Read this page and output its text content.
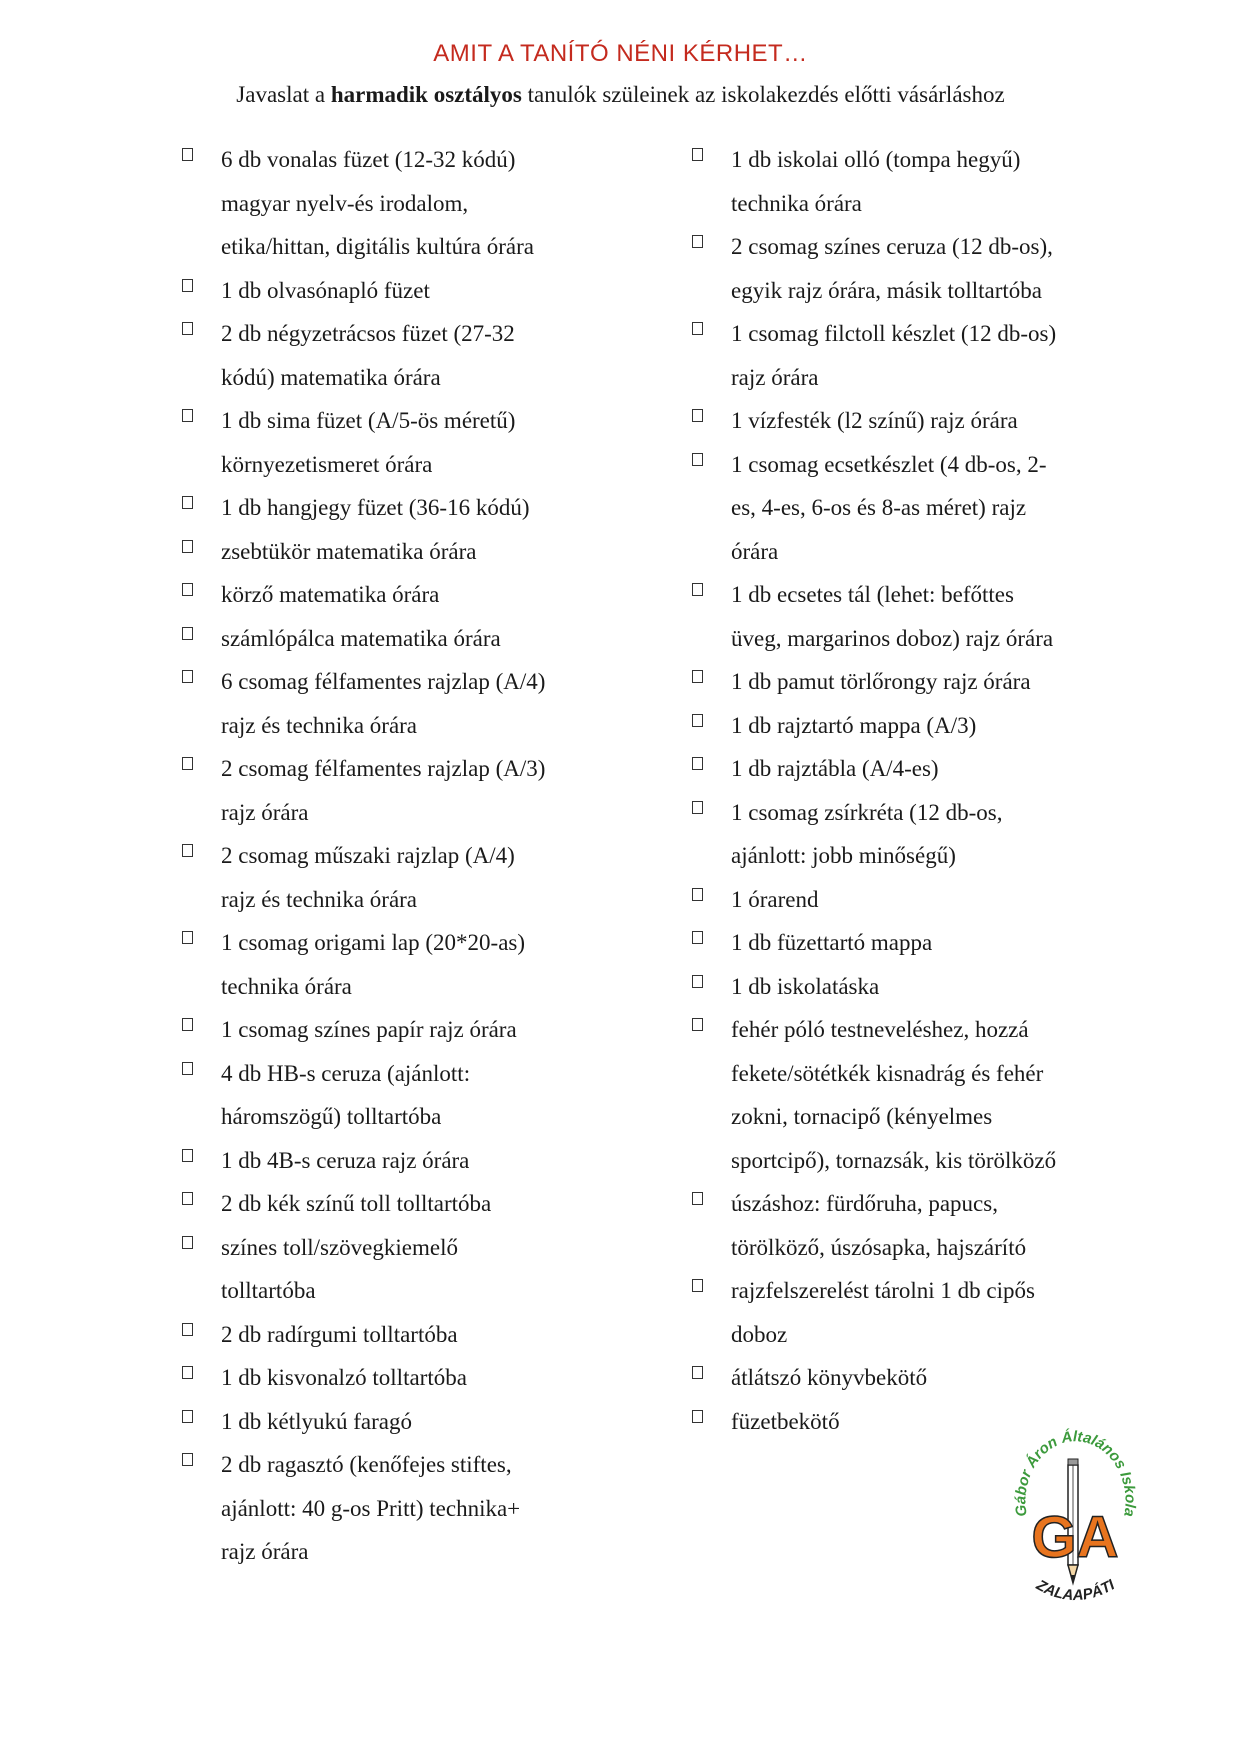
AMIT A TANÍTÓ NÉNI KÉRHET…
Javaslat a harmadik osztályos tanulók szüleinek az iskolakezdés előtti vásárláshoz
6 db vonalas füzet (12-32 kódú)
magyar nyelv-és irodalom,
etika/hittan, digitális kultúra órára
1 db olvasónapló füzet
2 db négyzetrácsos füzet (27-32
kódú) matematika órára
1 db sima füzet (A/5-ös méretű)
környezetismeret órára
1 db hangjegy füzet (36-16 kódú)
zsebtükör matematika órára
körző matematika órára
számlópálca matematika órára
6 csomag félfamentes rajzlap (A/4)
rajz és technika órára
2 csomag félfamentes rajzlap (A/3)
rajz órára
2 csomag műszaki rajzlap (A/4)
rajz és technika órára
1 csomag origami lap (20*20-as)
technika órára
1 csomag színes papír rajz órára
4 db HB-s ceruza (ajánlott:
háromszögű) tolltartóba
1 db 4B-s ceruza rajz órára
2 db kék színű toll tolltartóba
színes toll/szövegkiemelő
tolltartóba
2 db radírgumi tolltartóba
1 db kisvonalzó tolltartóba
1 db kétlyukú faragó
2 db ragasztó (kenőfejes stiftes,
ajánlott: 40 g-os Pritt) technika+
rajz órára
1 db iskolai olló (tompa hegyű)
technika órára
2 csomag színes ceruza (12 db-os),
egyik rajz órára, másik tolltartóba
1 csomag filctoll készlet (12 db-os)
rajz órára
1 vízfesték (l2 színű) rajz órára
1 csomag ecsetkészlet (4 db-os, 2-
es, 4-es, 6-os és 8-as méret) rajz
órára
1 db ecsetes tál (lehet: befőttes
üveg, margarinos doboz) rajz órára
1 db pamut törlőrongy rajz órára
1 db rajztartó mappa (A/3)
1 db rajztábla (A/4-es)
1 csomag zsírkréta (12 db-os,
ajánlott: jobb minőségű)
1 órarend
1 db füzettartó mappa
1 db iskolatáska
fehér póló testneveléshez, hozzá
fekete/sötétkék kisnadrág és fehér
zokni, tornacipő (kényelmes
sportcipő), tornazsák, kis törölköző
úszáshoz: fürdőruha, papucs,
törölköző, úszósapka, hajszárító
rajzfelszerelést tárolni 1 db cipős
doboz
átlátszó könyvbekötő
füzetbekötő
Gábor Áron Általános Iskola
GA
ZALAAPÁTI
